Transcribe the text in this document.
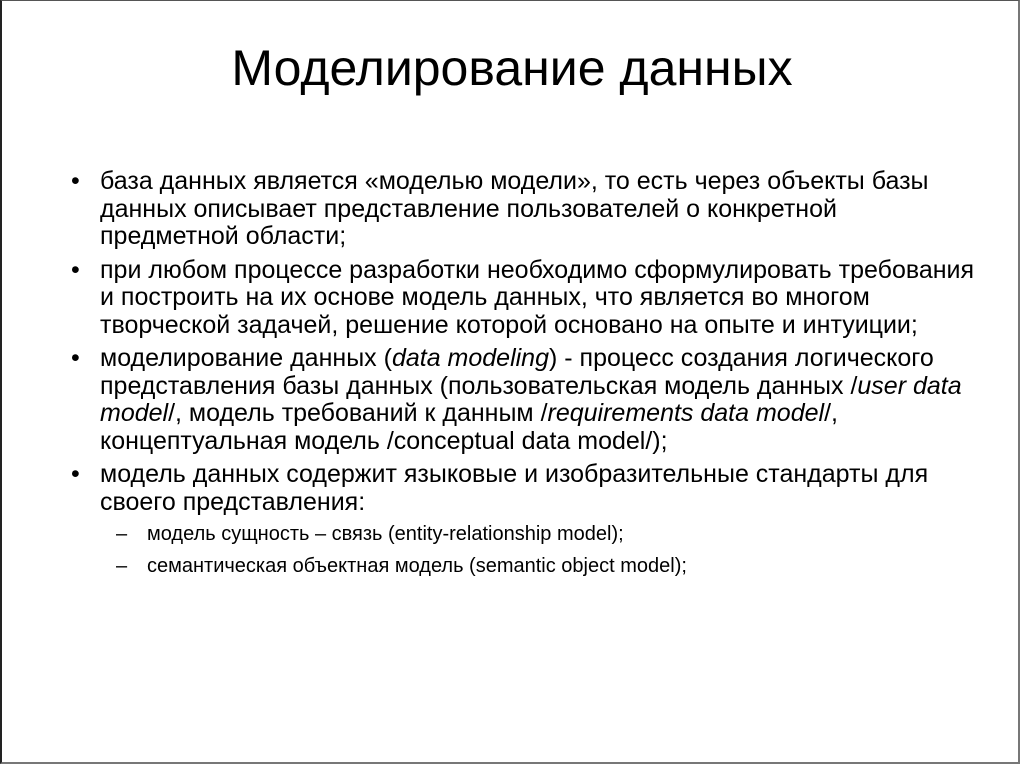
Моделирование данных
• база данных является «моделью модели», то есть через объекты базы данных описывает представление пользователей о конкретной предметной области;
• при любом процессе разработки необходимо сформулировать требования и построить на их основе модель данных, что является во многом творческой задачей, решение которой основано на опыте и интуиции;
• моделирование данных (data modeling) - процесс создания логического представления базы данных (пользовательская модель данных /user data model/, модель требований к данным /requirements data model/, концептуальная модель /conceptual data model/);
• модель данных содержит языковые и изобразительные стандарты для своего представления:
– модель сущность – связь (entity-relationship model);
– семантическая объектная модель (semantic object model);
